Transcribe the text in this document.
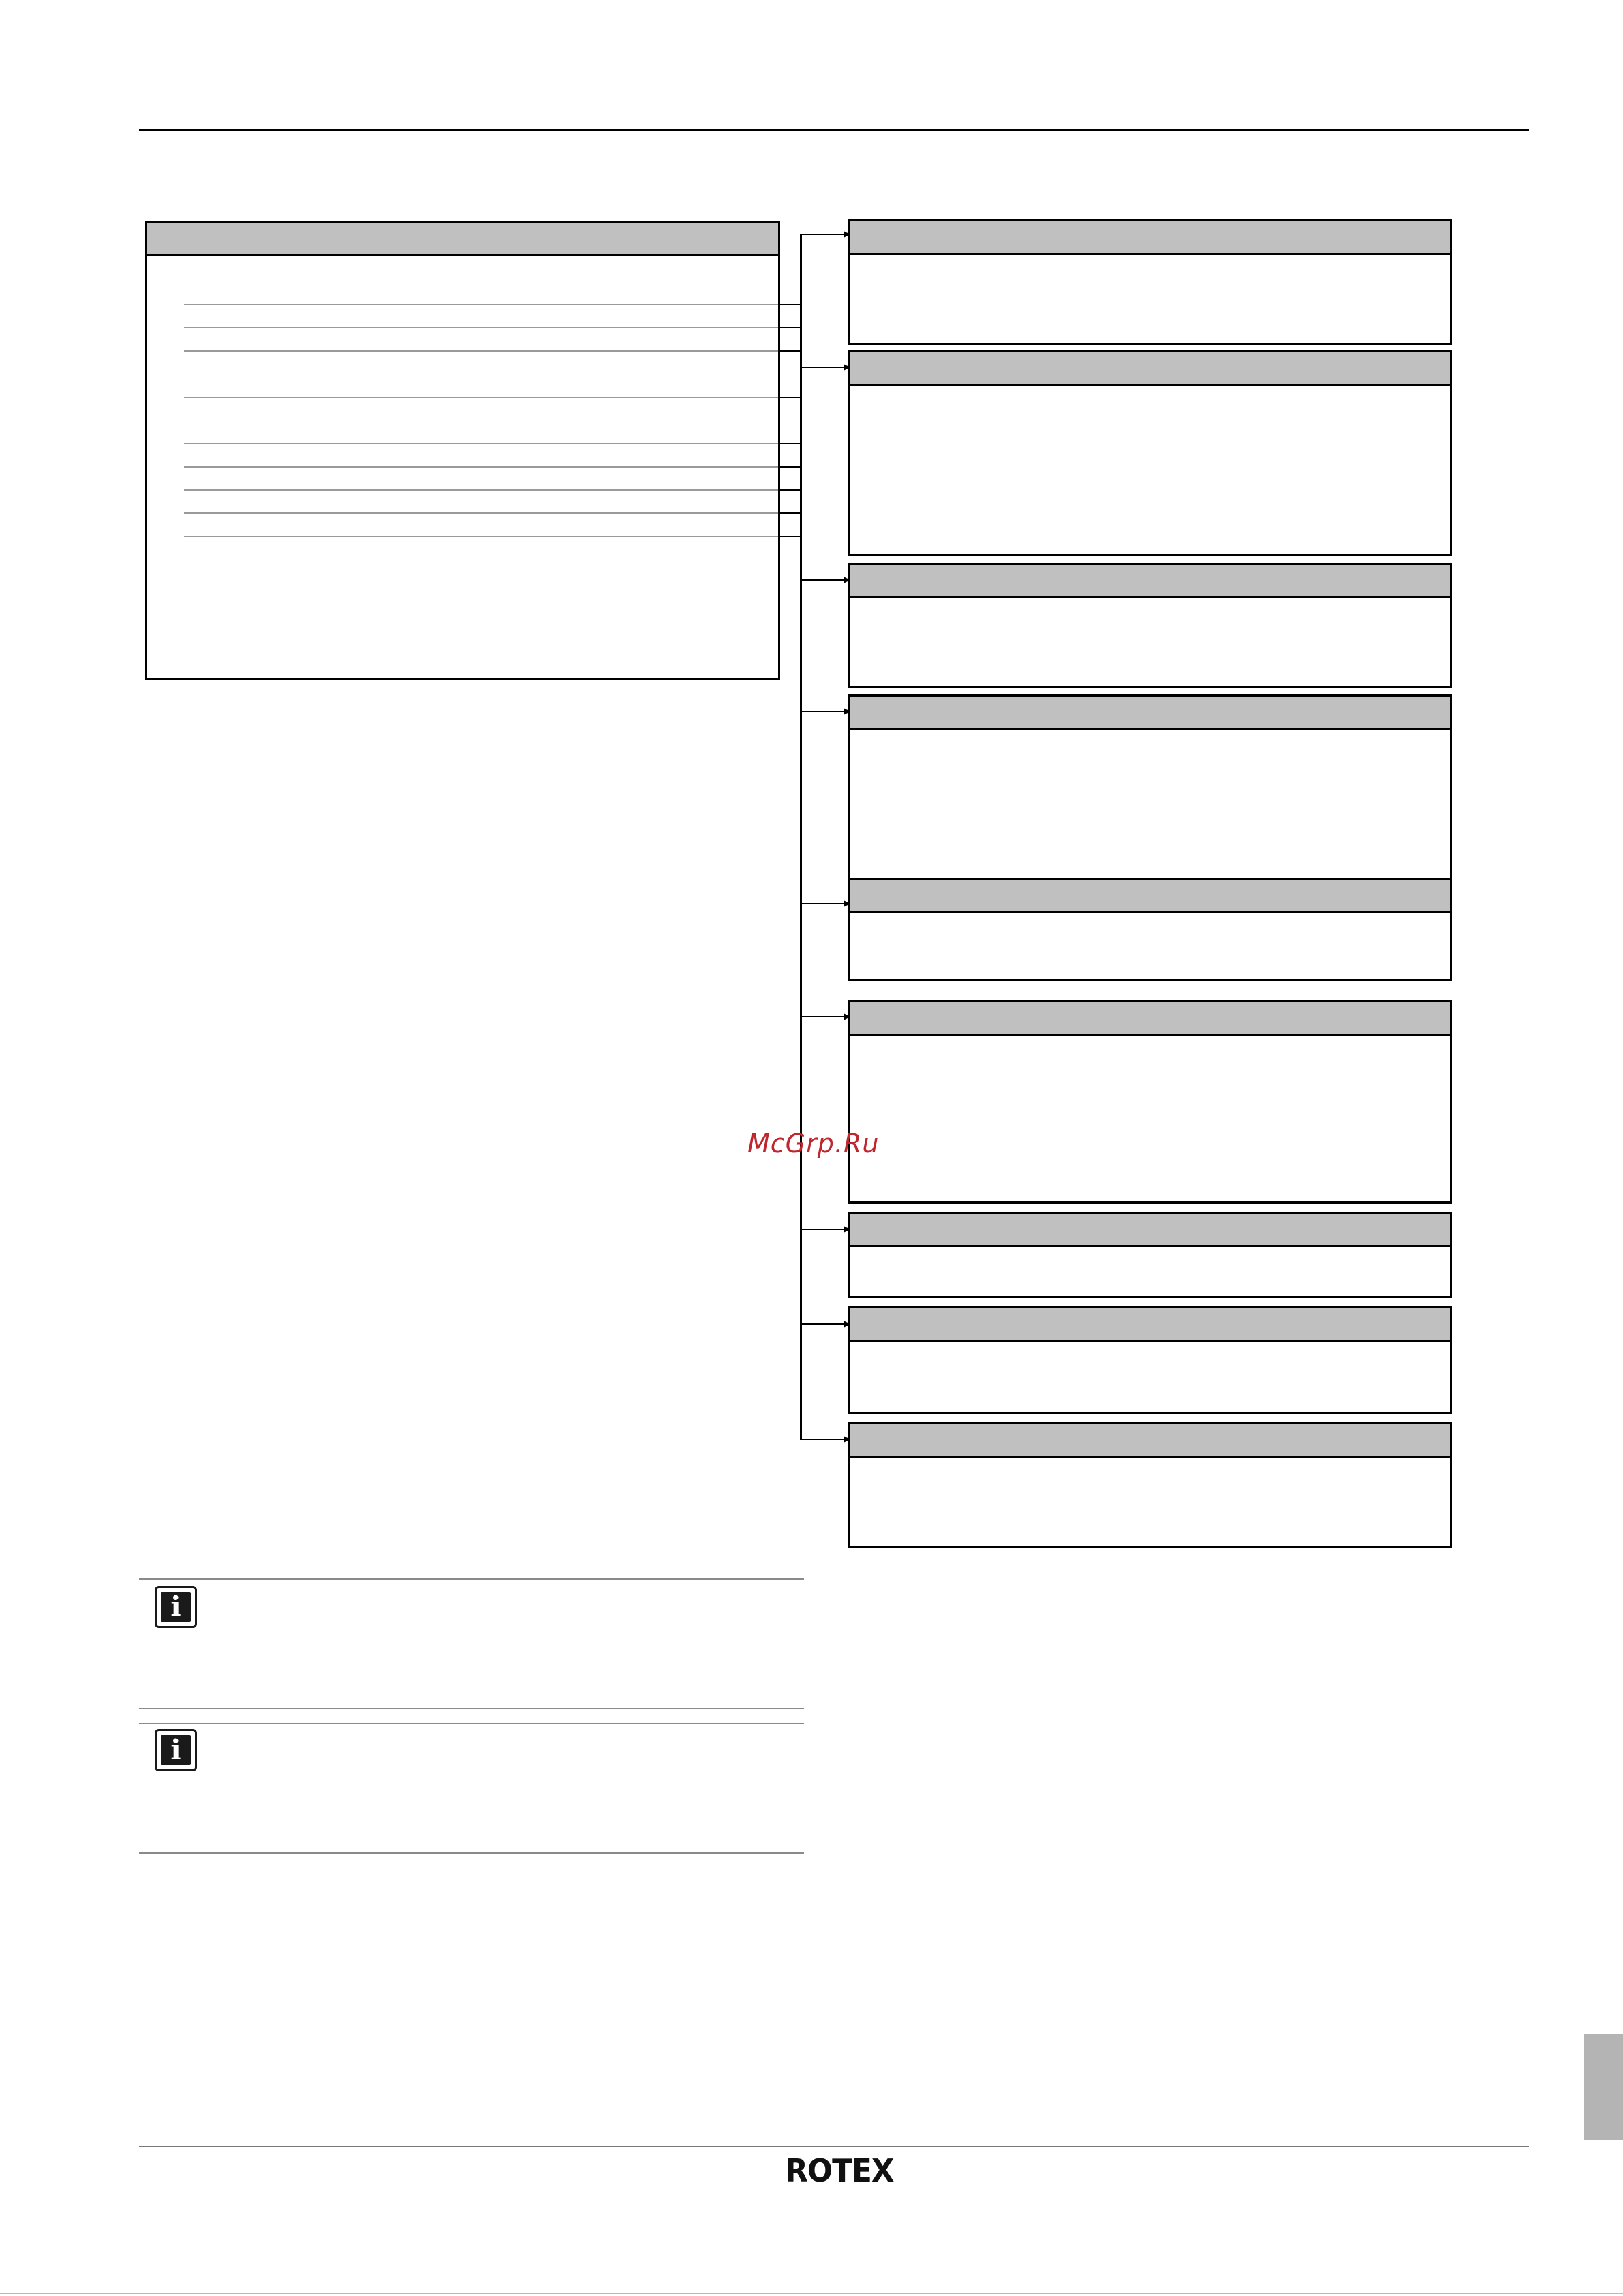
McGrp.Ru
i
i
ROTEX
